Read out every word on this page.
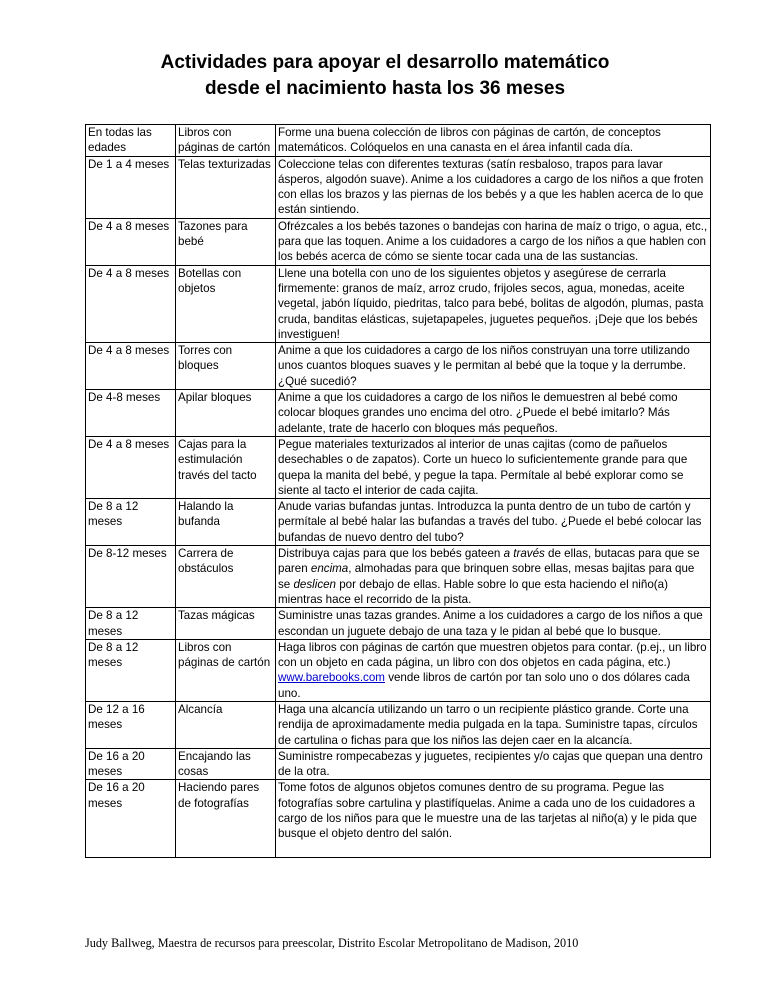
Actividades para apoyar el desarrollo matemático
desde el nacimiento hasta los 36 meses
En todas las edades	Libros con páginas de cartón	Forme una buena colección de libros con páginas de cartón, de conceptos matemáticos. Colóquelos en una canasta en el área infantil cada día.
De 1 a 4 meses	Telas texturizadas	Coleccione telas con diferentes texturas (satín resbaloso, trapos para lavar ásperos, algodón suave). Anime a los cuidadores a cargo de los niños a que froten con ellas los brazos y las piernas de los bebés y a que les hablen acerca de lo que están sintiendo.
De 4 a 8 meses	Tazones para bebé	Ofrézcales a los bebés tazones o bandejas con harina de maíz o trigo, o agua, etc., para que las toquen. Anime a los cuidadores a cargo de los niños a que hablen con los bebés acerca de cómo se siente tocar cada una de las sustancias.
De 4 a 8 meses	Botellas con objetos	Llene una botella con uno de los siguientes objetos y asegúrese de cerrarla firmemente: granos de maíz, arroz crudo, frijoles secos, agua, monedas, aceite vegetal, jabón líquido, piedritas, talco para bebé, bolitas de algodón, plumas, pasta cruda, banditas elásticas, sujetapapeles, juguetes pequeños. ¡Deje que los bebés investiguen!
De 4 a 8 meses	Torres con bloques	Anime a que los cuidadores a cargo de los niños construyan una torre utilizando unos cuantos bloques suaves y le permitan al bebé que la toque y la derrumbe. ¿Qué sucedió?
De 4-8 meses	Apilar bloques	Anime a que los cuidadores a cargo de los niños le demuestren al bebé como colocar bloques grandes uno encima del otro. ¿Puede el bebé imitarlo? Más adelante, trate de hacerlo con bloques más pequeños.
De 4 a 8 meses	Cajas para la estimulación través del tacto	Pegue materiales texturizados al interior de unas cajitas (como de pañuelos desechables o de zapatos). Corte un hueco lo suficientemente grande para que quepa la manita del bebé, y pegue la tapa. Permítale al bebé explorar como se siente al tacto el interior de cada cajita.
De 8 a 12 meses	Halando la bufanda	Anude varias bufandas juntas. Introduzca la punta dentro de un tubo de cartón y permítale al bebé halar las bufandas a través del tubo. ¿Puede el bebé colocar las bufandas de nuevo dentro del tubo?
De 8-12 meses	Carrera de obstáculos	Distribuya cajas para que los bebés gateen a través de ellas, butacas para que se paren encima, almohadas para que brinquen sobre ellas, mesas bajitas para que se deslicen por debajo de ellas. Hable sobre lo que esta haciendo el niño(a) mientras hace el recorrido de la pista.
De 8 a 12 meses	Tazas mágicas	Suministre unas tazas grandes. Anime a los cuidadores a cargo de los niños a que escondan un juguete debajo de una taza y le pidan al bebé que lo busque.
De 8 a 12 meses	Libros con páginas de cartón	Haga libros con páginas de cartón que muestren objetos para contar. (p.ej., un libro con un objeto en cada página, un libro con dos objetos en cada página, etc.)
www.barebooks.com vende libros de cartón por tan solo uno o dos dólares cada uno.
De 12 a 16 meses	Alcancía	Haga una alcancía utilizando un tarro o un recipiente plástico grande. Corte una rendija de aproximadamente media pulgada en la tapa. Suministre tapas, círculos de cartulina o fichas para que los niños las dejen caer en la alcancía.
De 16 a 20 meses	Encajando las cosas	Suministre rompecabezas y juguetes, recipientes y/o cajas que quepan una dentro de la otra.
De 16 a 20 meses	Haciendo pares de fotografías	Tome fotos de algunos objetos comunes dentro de su programa. Pegue las fotografías sobre cartulina y plastifíquelas. Anime a cada uno de los cuidadores a cargo de los niños para que le muestre una de las tarjetas al niño(a) y le pida que busque el objeto dentro del salón.
Judy Ballweg, Maestra de recursos para preescolar, Distrito Escolar Metropolitano de Madison, 2010
